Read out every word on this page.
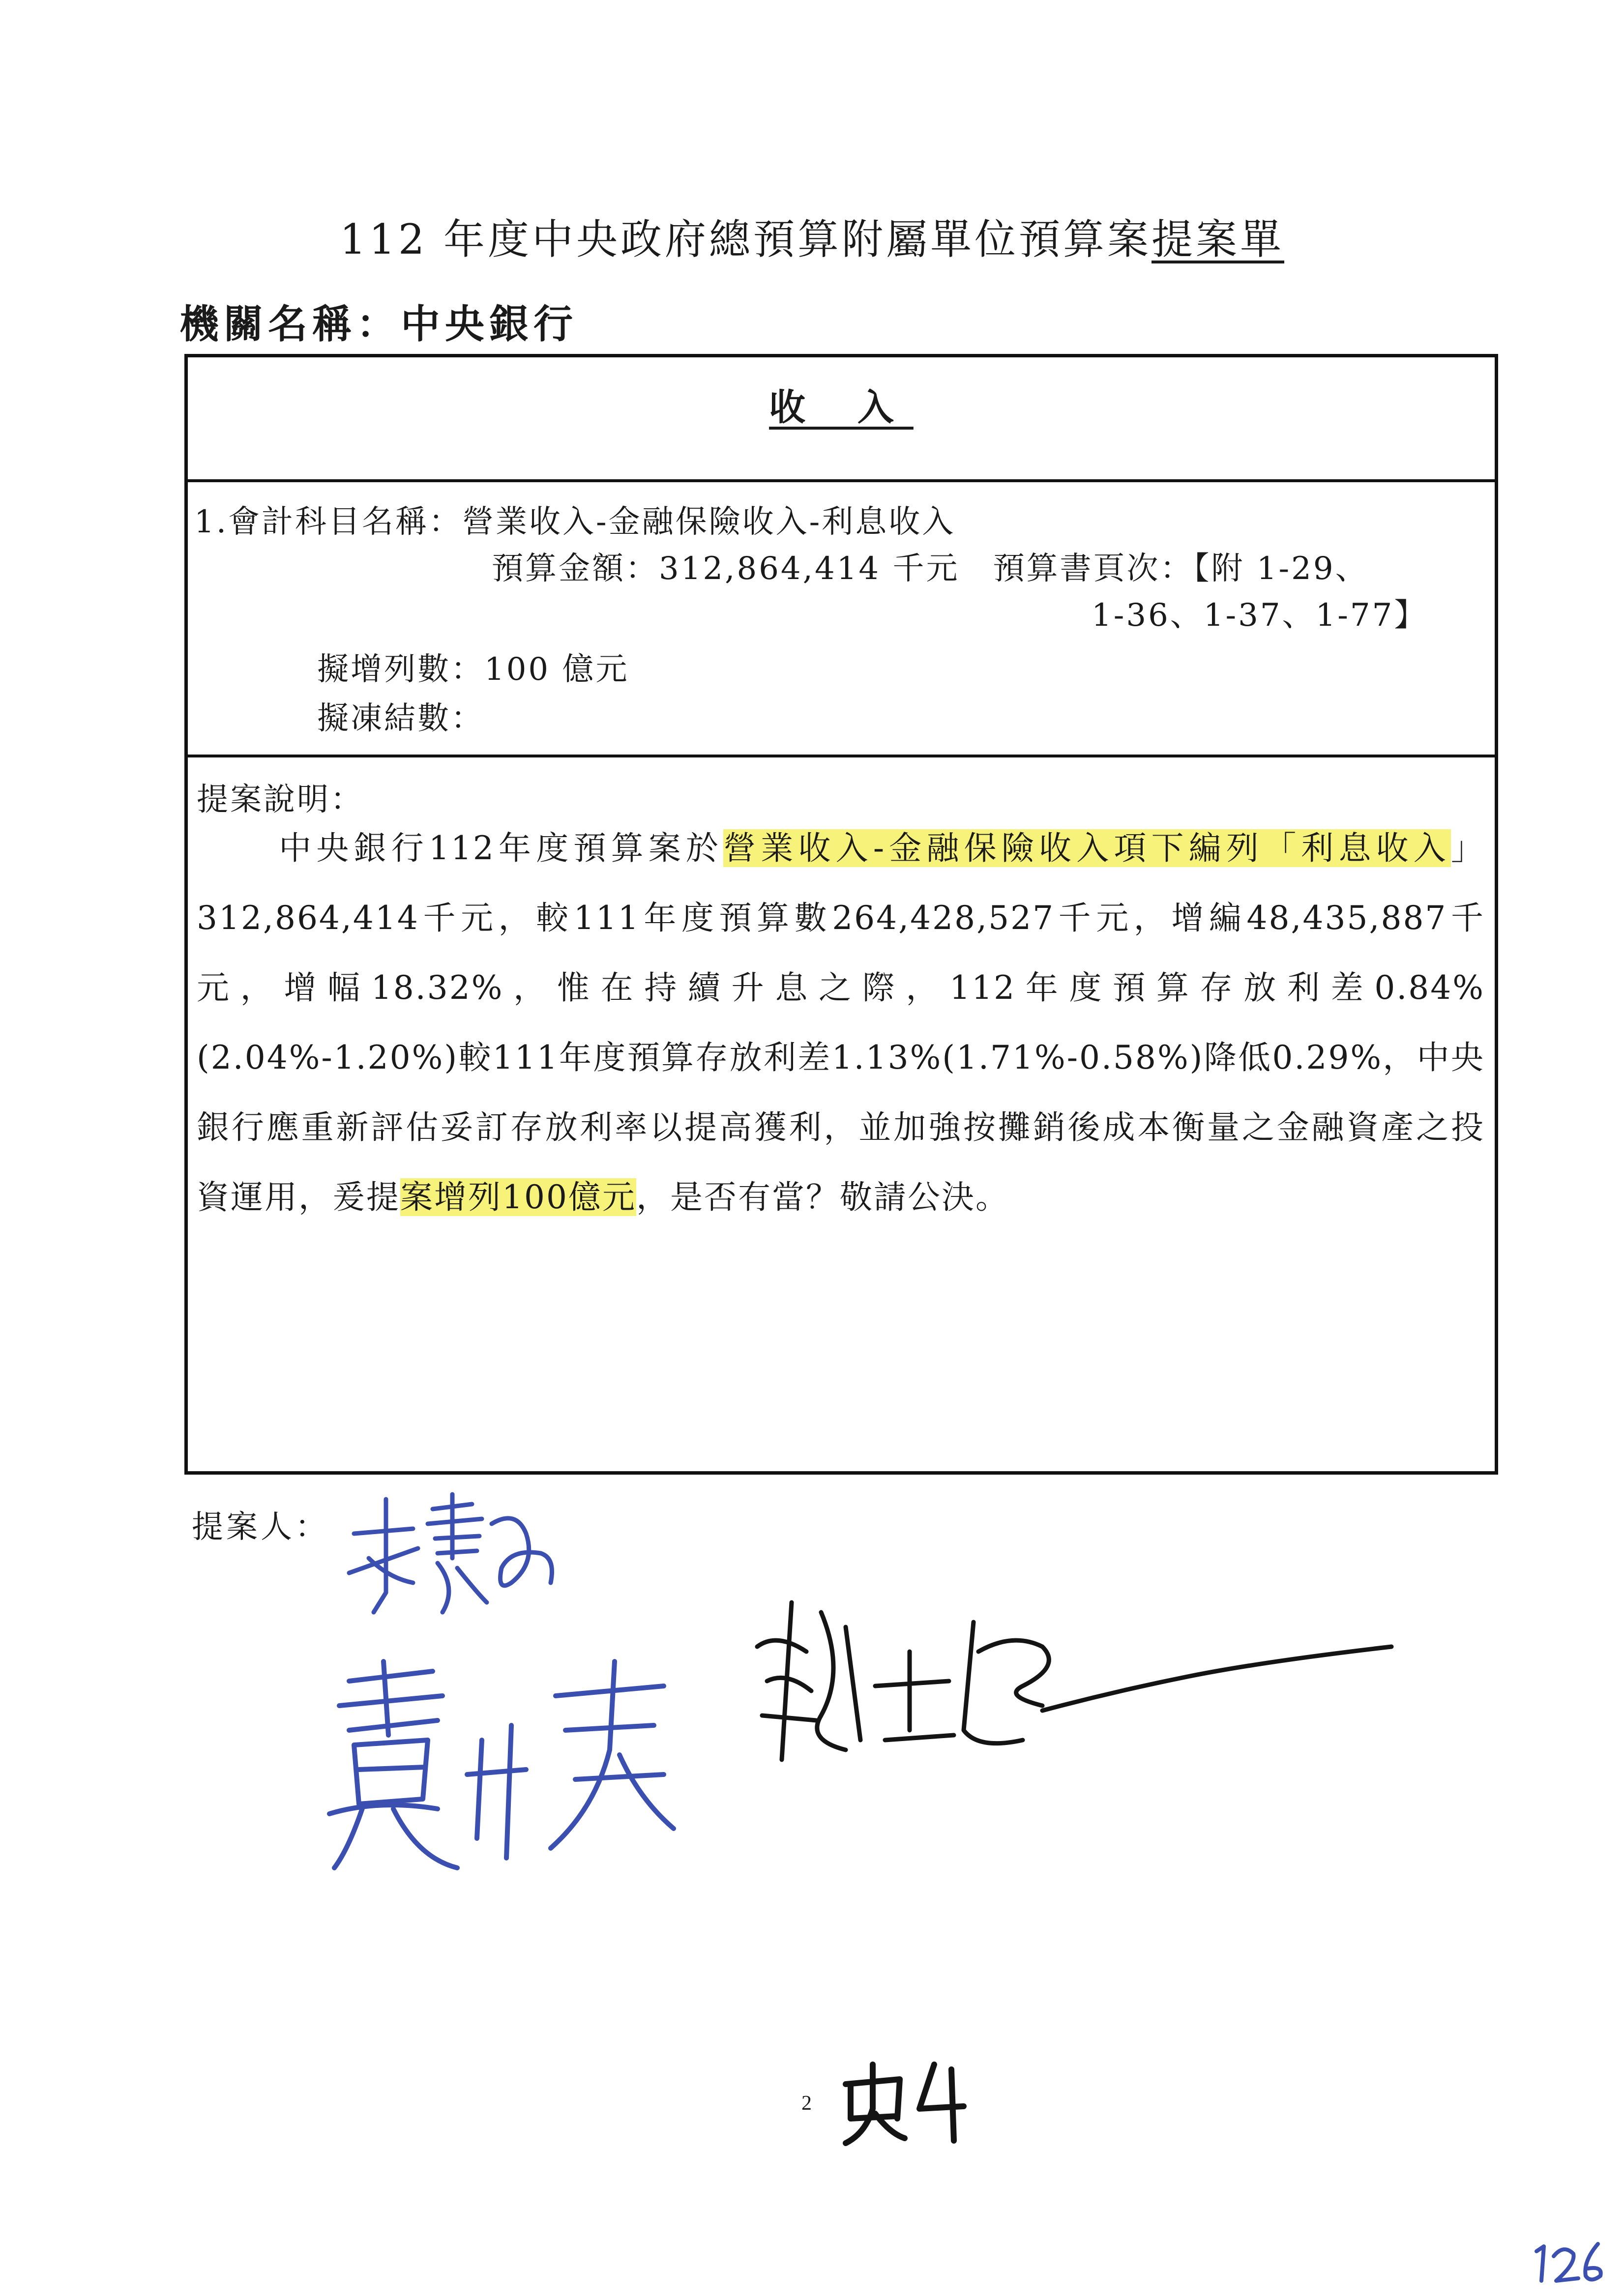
112 年度中央政府總預算附屬單位預算案提案單
機關名稱：中央銀行
收 入
1.會計科目名稱：營業收入-金融保險收入-利息收入
預算金額：312,864,414 千元　預算書頁次：【附 1-29、
1-36、1-37、1-77】
擬增列數：100 億元
擬凍結數：
提案說明：
中央銀行112年度預算案於營業收入-金融保險收入項下編列「利息收入」312,864,414千元，較111年度預算數264,428,527千元，增編48,435,887千元，增幅18.32%，惟在持續升息之際，112年度預算存放利差0.84%(2.04%-1.20%)較111年度預算存放利差1.13%(1.71%-0.58%)降低0.29%，中央銀行應重新評估妥訂存放利率以提高獲利，並加強按攤銷後成本衡量之金融資產之投資運用，爰提案增列100億元，是否有當？敬請公決。
提案人：
2
